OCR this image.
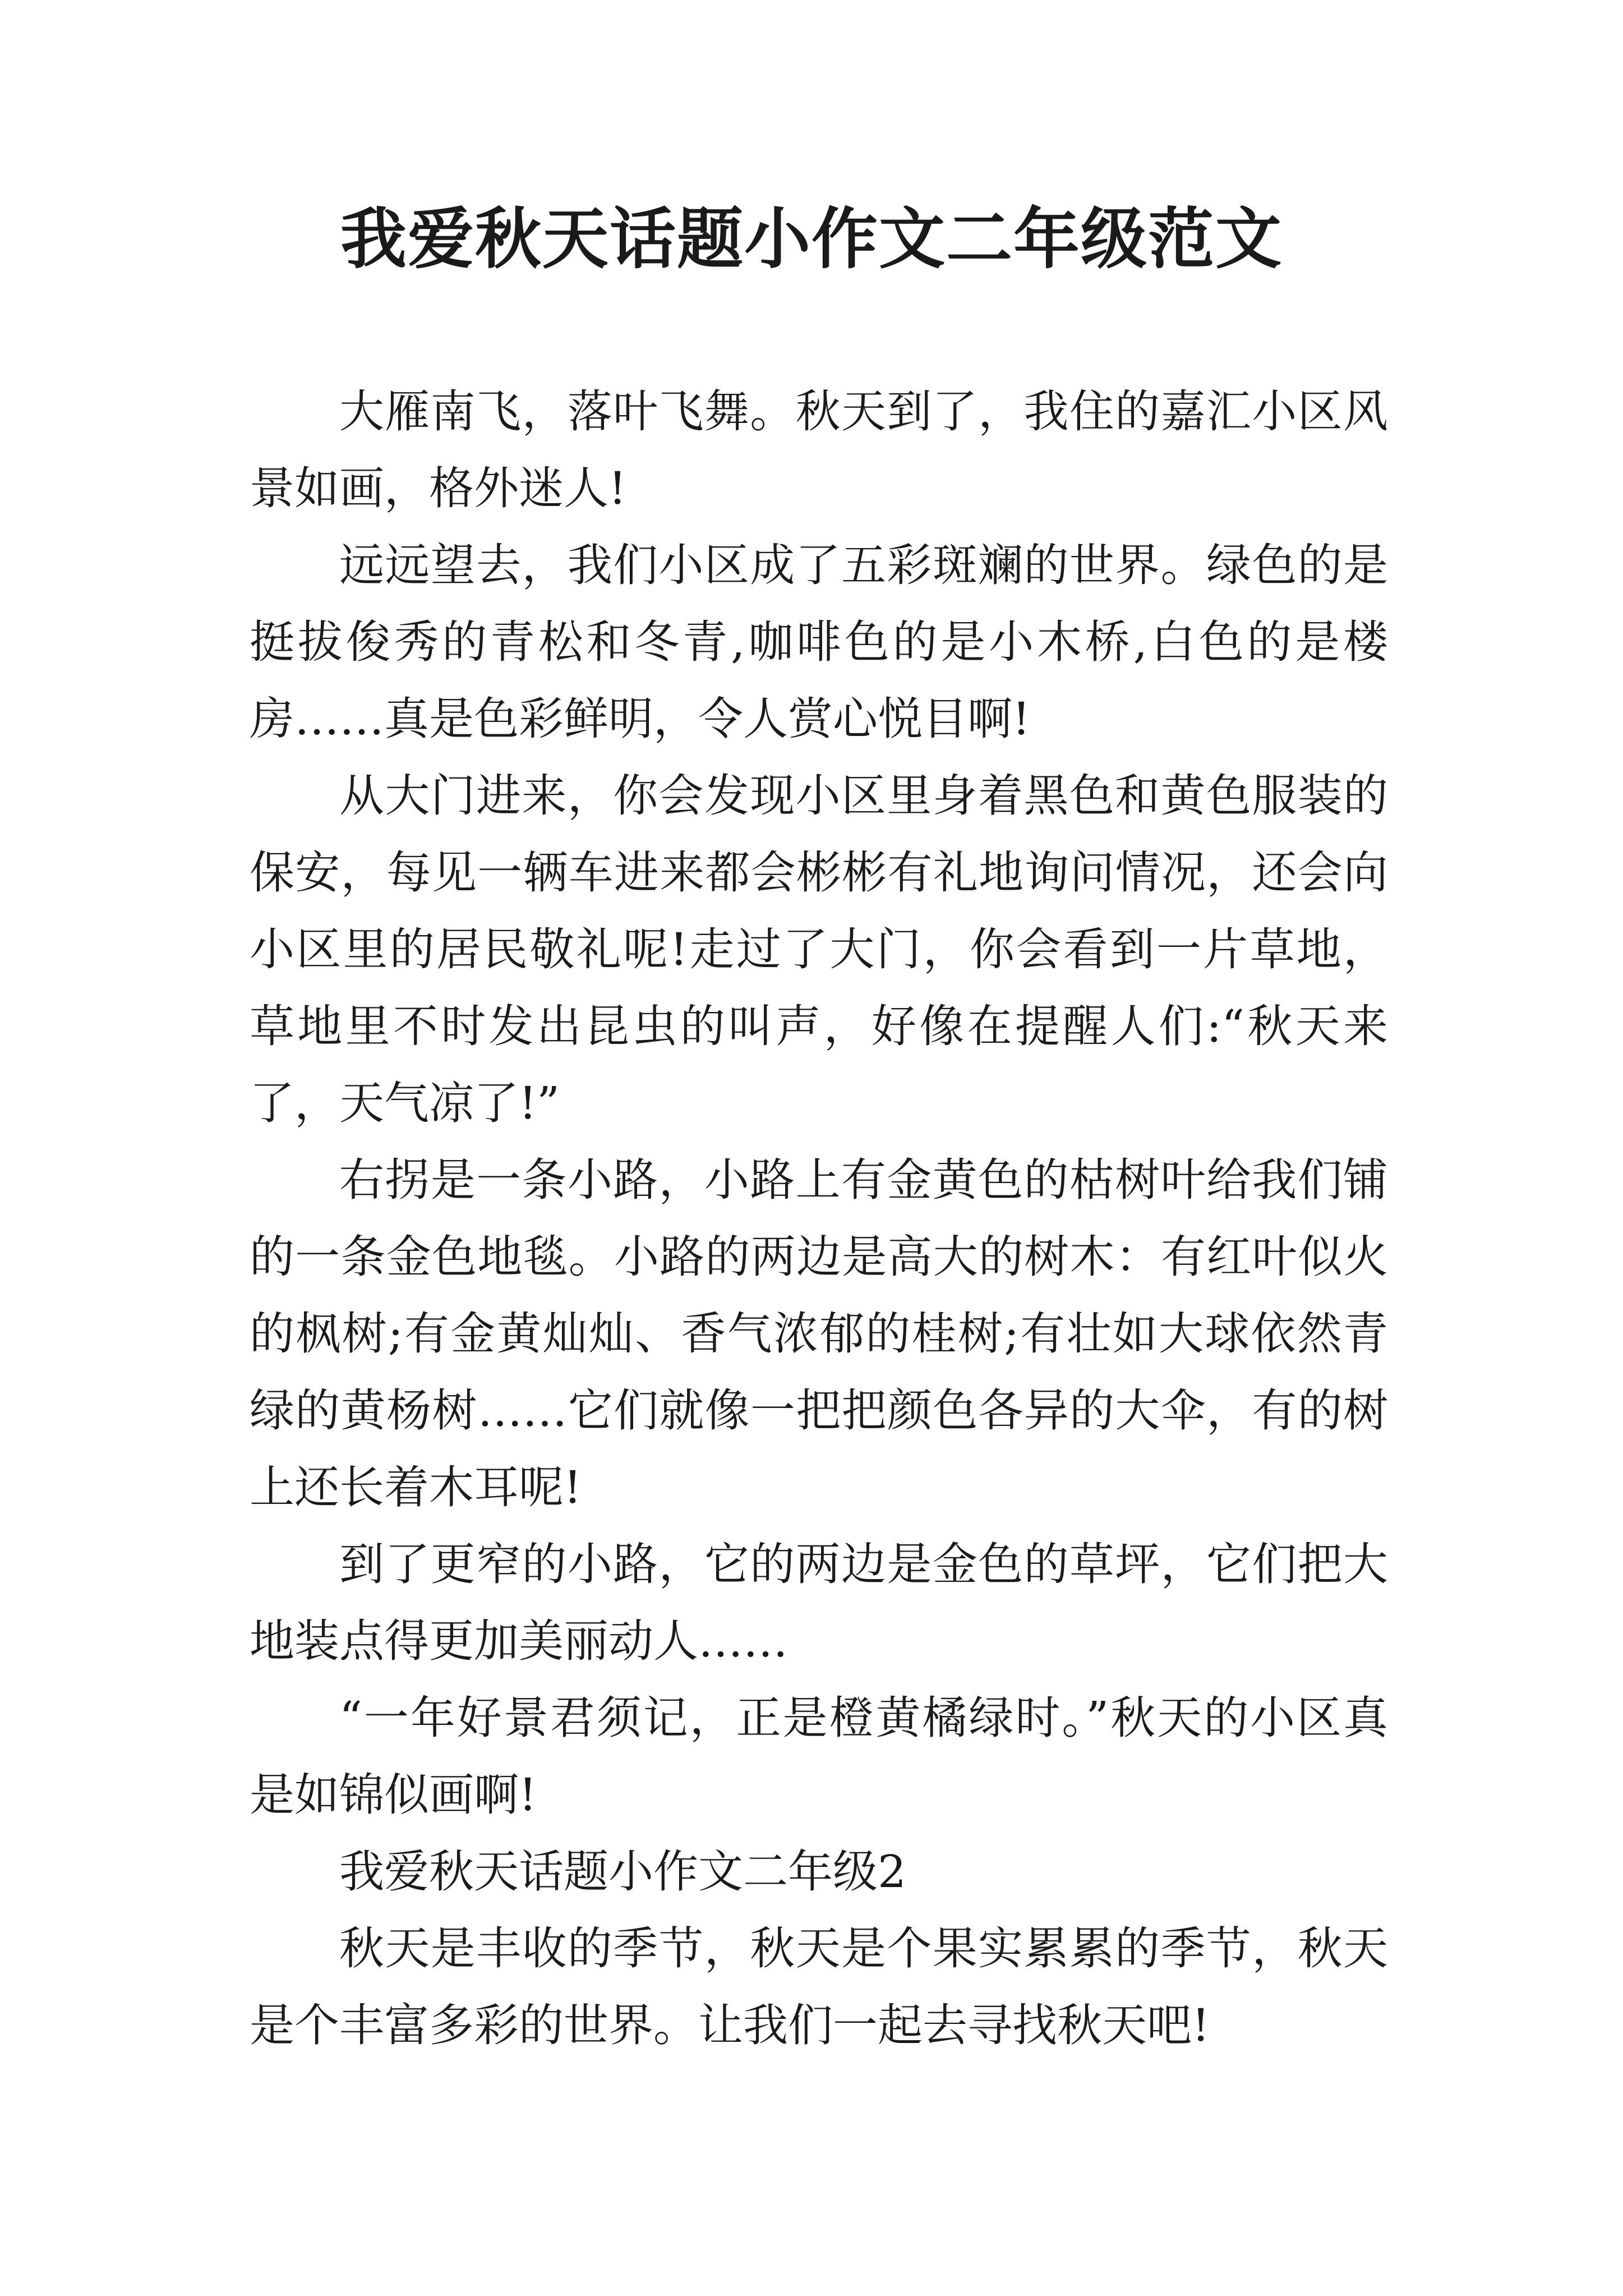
我爱秋天话题小作文二年级范文

大雁南飞，落叶飞舞。秋天到了，我住的嘉汇小区风景如画，格外迷人!

远远望去，我们小区成了五彩斑斓的世界。绿色的是挺拔俊秀的青松和冬青,咖啡色的是小木桥,白色的是楼房……真是色彩鲜明，令人赏心悦目啊!

从大门进来，你会发现小区里身着黑色和黄色服装的保安，每见一辆车进来都会彬彬有礼地询问情况，还会向小区里的居民敬礼呢!走过了大门，你会看到一片草地，草地里不时发出昆虫的叫声，好像在提醒人们:“秋天来了，天气凉了!”

右拐是一条小路，小路上有金黄色的枯树叶给我们铺的一条金色地毯。小路的两边是高大的树木：有红叶似火的枫树;有金黄灿灿、香气浓郁的桂树;有壮如大球依然青绿的黄杨树……它们就像一把把颜色各异的大伞，有的树上还长着木耳呢!

到了更窄的小路，它的两边是金色的草坪，它们把大地装点得更加美丽动人……

“一年好景君须记，正是橙黄橘绿时。”秋天的小区真是如锦似画啊!

我爱秋天话题小作文二年级2

秋天是丰收的季节，秋天是个果实累累的季节，秋天是个丰富多彩的世界。让我们一起去寻找秋天吧!
